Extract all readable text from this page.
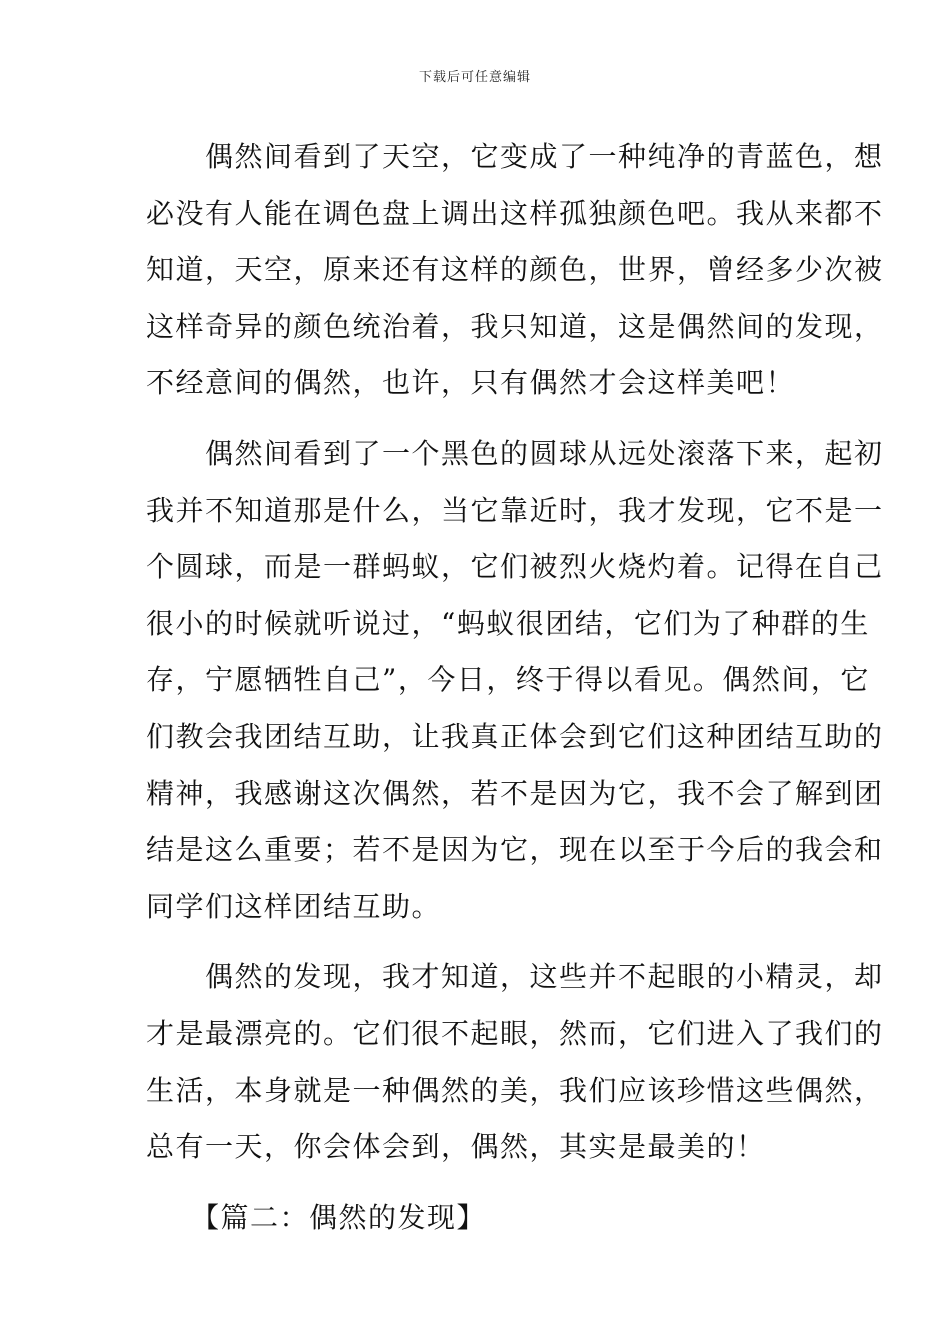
下载后可任意编辑
　　偶然间看到了天空，它变成了一种纯净的青蓝色，想
必没有人能在调色盘上调出这样孤独颜色吧。我从来都不
知道，天空，原来还有这样的颜色，世界，曾经多少次被
这样奇异的颜色统治着，我只知道，这是偶然间的发现，
不经意间的偶然，也许，只有偶然才会这样美吧！
　　偶然间看到了一个黑色的圆球从远处滚落下来，起初
我并不知道那是什么，当它靠近时，我才发现，它不是一
个圆球，而是一群蚂蚁，它们被烈火烧灼着。记得在自己
很小的时候就听说过，“蚂蚁很团结，它们为了种群的生
存，宁愿牺牲自己”，今日，终于得以看见。偶然间，它
们教会我团结互助，让我真正体会到它们这种团结互助的
精神，我感谢这次偶然，若不是因为它，我不会了解到团
结是这么重要；若不是因为它，现在以至于今后的我会和
同学们这样团结互助。
　　偶然的发现，我才知道，这些并不起眼的小精灵，却
才是最漂亮的。它们很不起眼，然而，它们进入了我们的
生活，本身就是一种偶然的美，我们应该珍惜这些偶然，
总有一天，你会体会到，偶然，其实是最美的！
　　【篇二：偶然的发现】
